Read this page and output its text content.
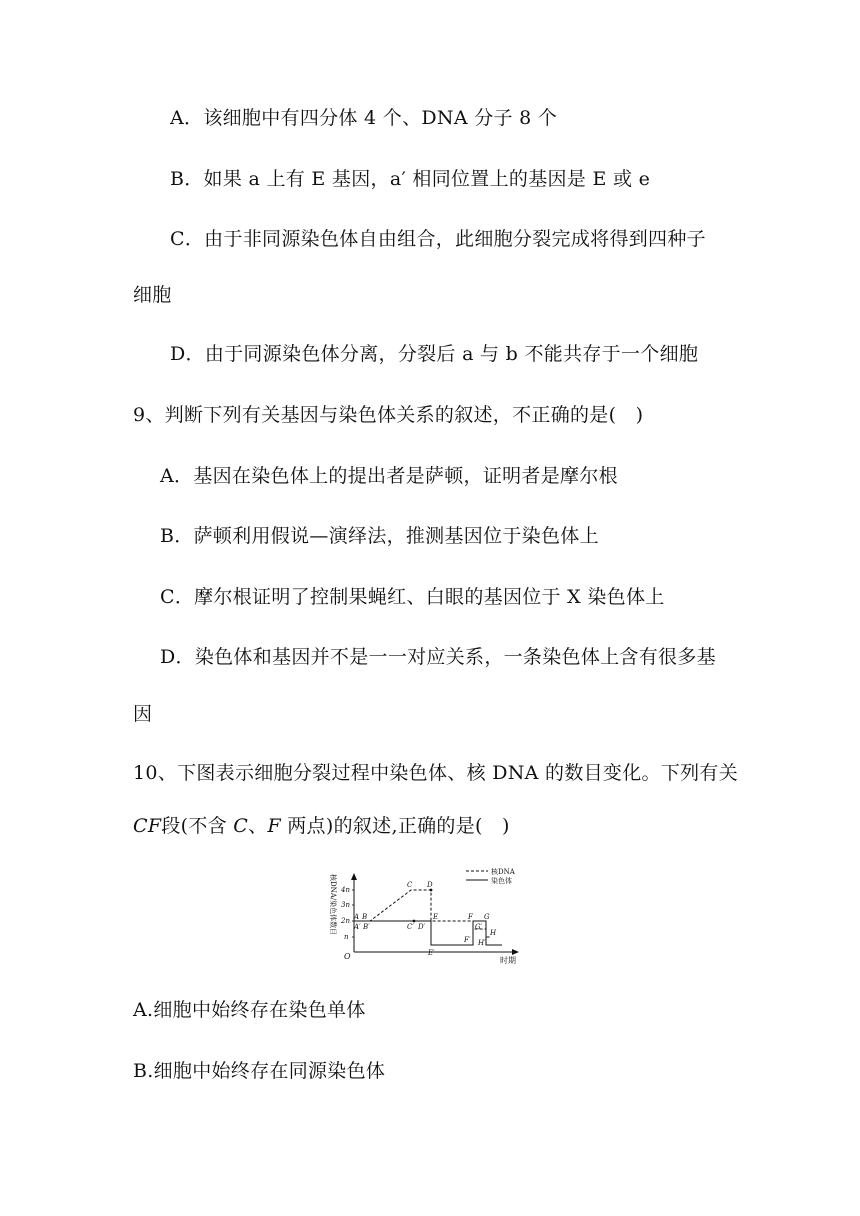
A．该细胞中有四分体 4 个、DNA 分子 8 个
B．如果 a 上有 E 基因，a′ 相同位置上的基因是 E 或 e
C．由于非同源染色体自由组合，此细胞分裂完成将得到四种子
细胞
D．由于同源染色体分离，分裂后 a 与 b 不能共存于一个细胞
9、判断下列有关基因与染色体关系的叙述，不正确的是(　)
A．基因在染色体上的提出者是萨顿，证明者是摩尔根
B．萨顿利用假说—演绎法，推测基因位于染色体上
C．摩尔根证明了控制果蝇红、白眼的基因位于 X 染色体上
D．染色体和基因并不是一一对应关系，一条染色体上含有很多基
因
10、下图表示细胞分裂过程中染色体、核 DNA 的数目变化。下列有关
CF段(不含 C、F 两点)的叙述,正确的是(　)
核DNA/染色体数目
时期
O
4n
3n
2n
n
A B
C D
E	F G
H
A′ B′	C′ D′
E′
F′
G′
H′
核DNA
染色体
A.细胞中始终存在染色单体
B.细胞中始终存在同源染色体
